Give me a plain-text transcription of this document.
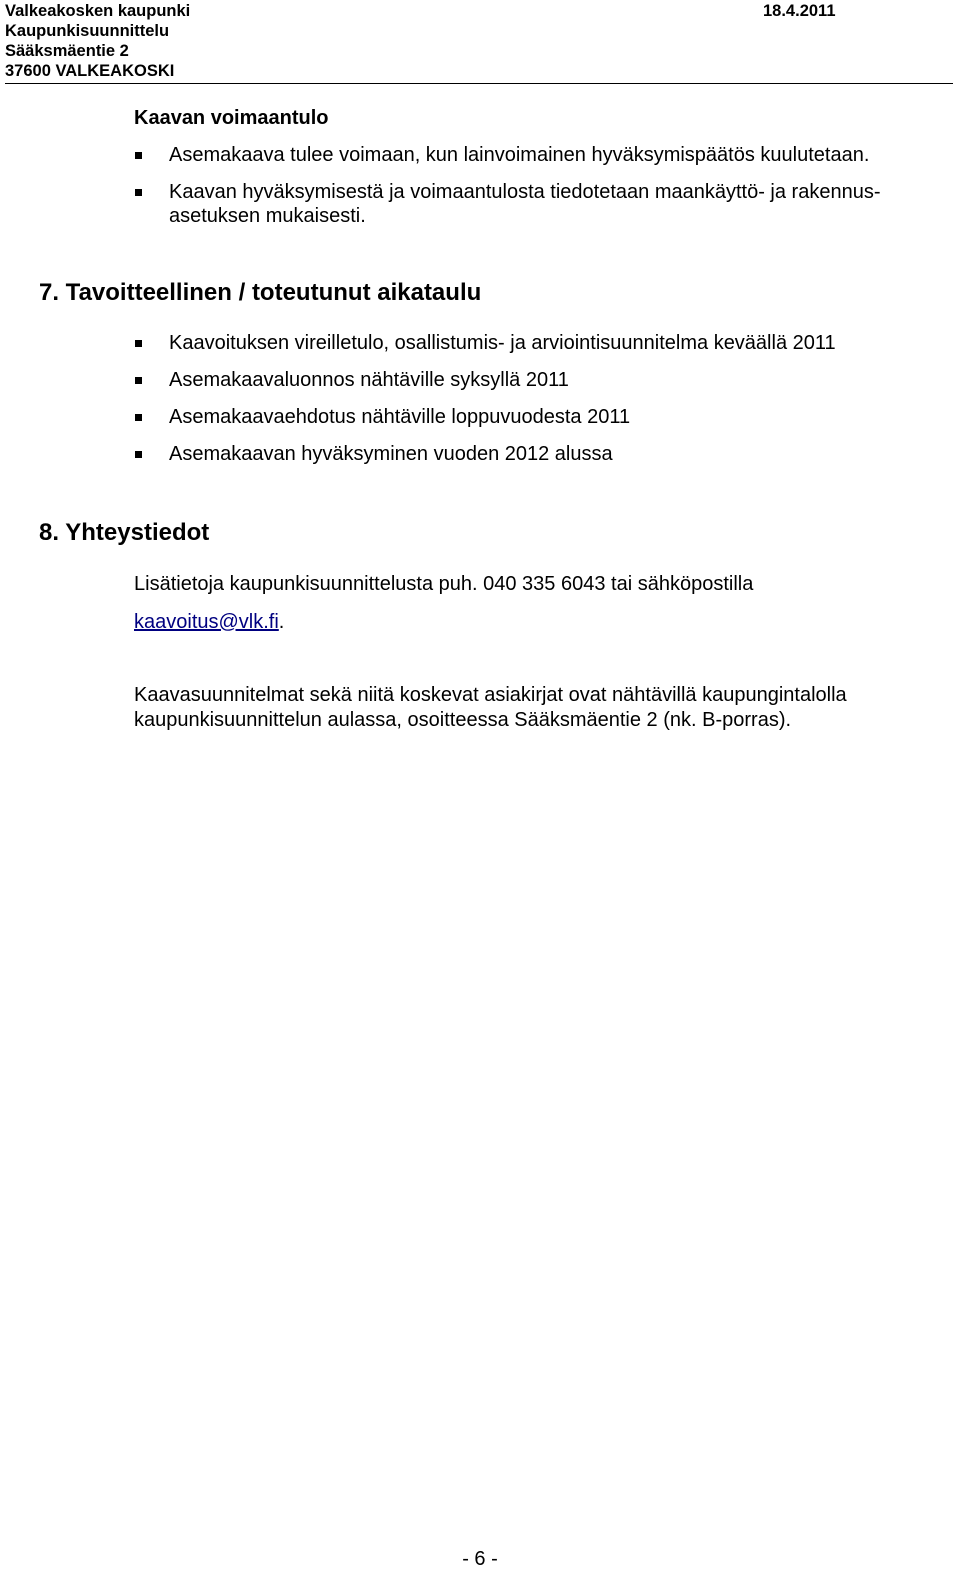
Valkeakosken kaupunki
Kaupunkisuunnittelu
Sääksmäentie 2
37600 VALKEAKOSKI
18.4.2011
Kaavan voimaantulo
Asemakaava tulee voimaan, kun lainvoimainen hyväksymispäätös kuulutetaan.
Kaavan hyväksymisestä ja voimaantulosta tiedotetaan maankäyttö- ja rakennus-
asetuksen mukaisesti.
7. Tavoitteellinen / toteutunut aikataulu
Kaavoituksen vireilletulo, osallistumis- ja arviointisuunnitelma keväällä 2011
Asemakaavaluonnos nähtäville syksyllä 2011
Asemakaavaehdotus nähtäville loppuvuodesta 2011
Asemakaavan hyväksyminen vuoden 2012 alussa
8. Yhteystiedot
Lisätietoja kaupunkisuunnittelusta puh. 040 335 6043 tai sähköpostilla
kaavoitus@vlk.fi.
Kaavasuunnitelmat sekä niitä koskevat asiakirjat ovat nähtävillä kaupungintalolla
kaupunkisuunnittelun aulassa, osoitteessa Sääksmäentie 2 (nk. B-porras).
- 6 -
